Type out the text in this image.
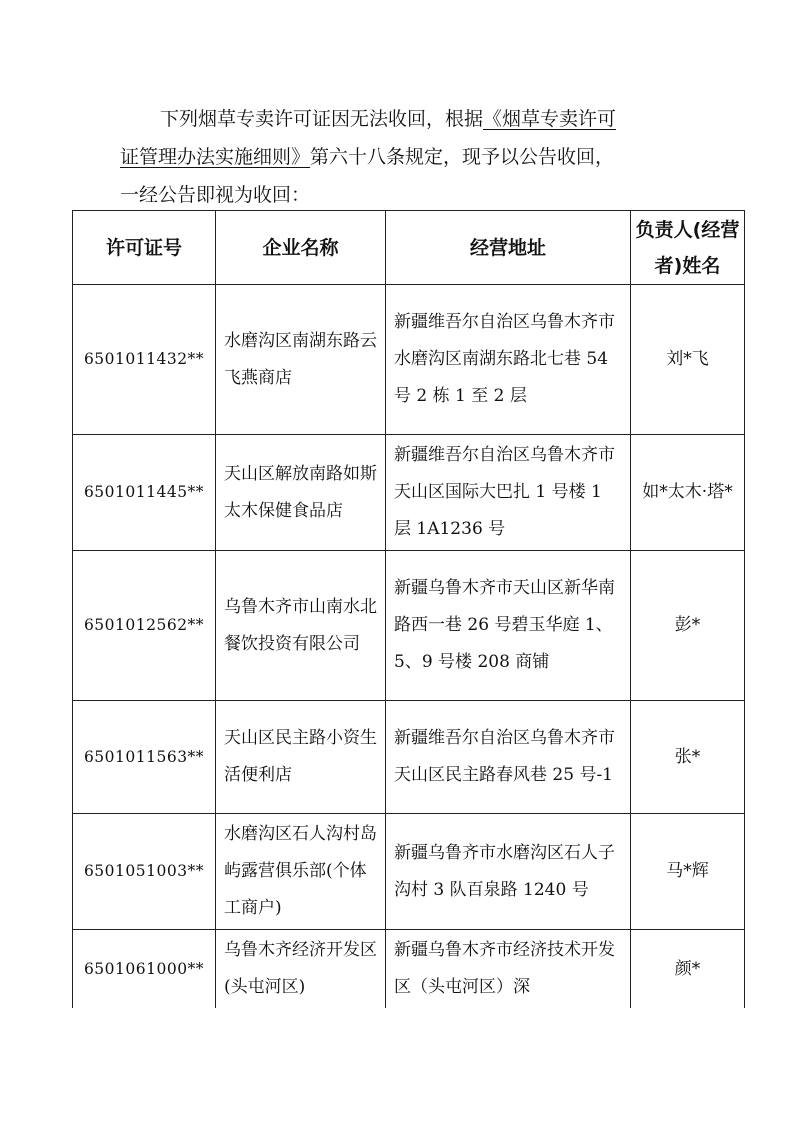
下列烟草专卖许可证因无法收回，根据《烟草专卖许可
证管理办法实施细则》第六十八条规定，现予以公告收回，
一经公告即视为收回：
许可证号	企业名称	经营地址	负责人(经营者)姓名
6501011432**	水磨沟区南湖东路云飞燕商店	新疆维吾尔自治区乌鲁木齐市水磨沟区南湖东路北七巷 54 号 2 栋 1 至 2 层	刘*飞
6501011445**	天山区解放南路如斯太木保健食品店	新疆维吾尔自治区乌鲁木齐市天山区国际大巴扎 1 号楼 1 层 1A1236 号	如*太木·塔*
6501012562**	乌鲁木齐市山南水北餐饮投资有限公司	新疆乌鲁木齐市天山区新华南路西一巷 26 号碧玉华庭 1、5、9 号楼 208 商铺	彭*
6501011563**	天山区民主路小资生活便利店	新疆维吾尔自治区乌鲁木齐市天山区民主路春风巷 25 号-1	张*
6501051003**	水磨沟区石人沟村岛屿露营俱乐部(个体工商户)	新疆乌鲁齐市水磨沟区石人子沟村 3 队百泉路 1240 号	马*辉

6501061000**	乌鲁木齐经济开发区(头屯河区)	新疆乌鲁木齐市经济技术开发区（头屯河区）深	颜*
